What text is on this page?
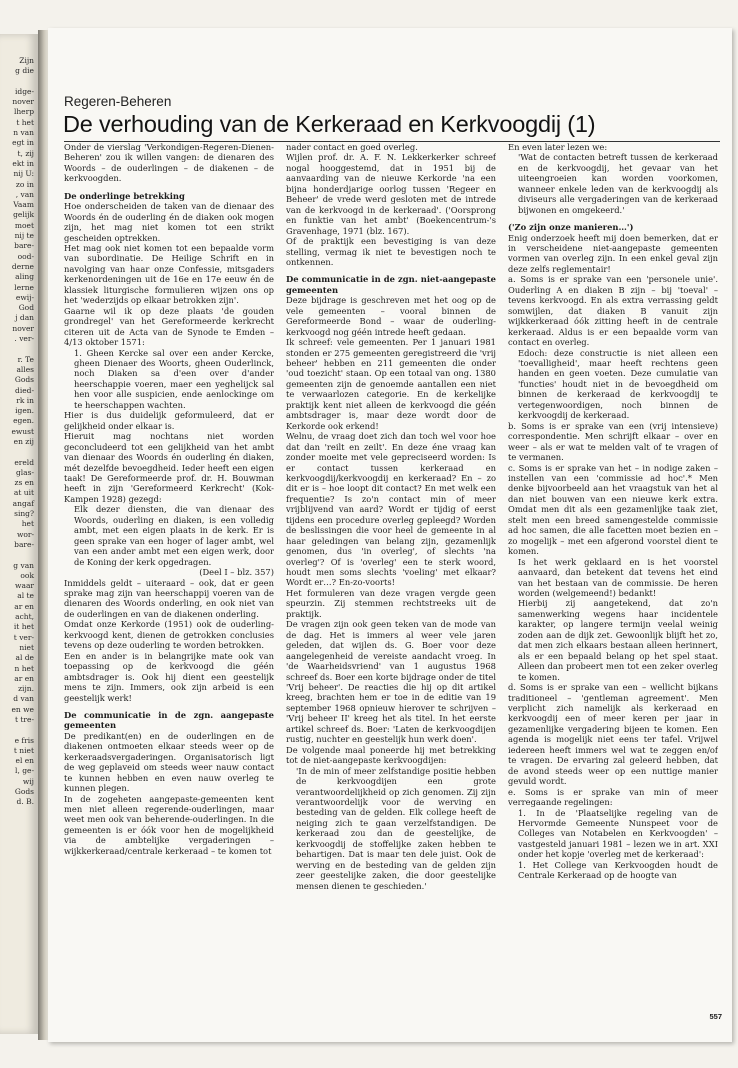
Zijn
g die

idge-
nover
lherp
t het
n van
egt in
t, zij
ekt in
nij U:
zo in
, van
Vaam
gelijk
moet
nij te
bare-
ood-
derne
aling
lerne
ewij-
God
j dan
nover
. ver-

r. Te
alles
Gods
died-
rk in
igen.
egen.
ewust
en zij

ereld
glas-
zs en
at uit
angaf
sing?
het
wor-
bare-

g van
ook
waar
al te
ar en
acht,
it het
t ver-
niet
al de
n het
ar en
zijn.
d van
en we
t tre-

e fris
t niet
el en
l, ge-
wij
Gods
d. B.
Regeren-Beheren
De verhouding van de Kerkeraad en Kerkvoogdij (1)

Onder de vierslag 'Verkondigen-Regeren-Dienen-Beheren' zou ik willen vangen: de dienaren des Woords – de ouderlingen – de diakenen – de kerkvoogden.

De onderlinge betrekking

Hoe onderscheiden de taken van de dienaar des Woords én de ouderling én de diaken ook mogen zijn, het mag niet komen tot een strikt gescheiden optrekken.

Het mag ook niet komen tot een bepaalde vorm van subordinatie. De Heilige Schrift en in navolging van haar onze Confessie, mitsgaders kerkenordeningen uit de 16e en 17e eeuw én de klassiek liturgische formulieren wijzen ons op het 'wederzijds op elkaar betrokken zijn'.

Gaarne wil ik op deze plaats 'de gouden grondregel' van het Gereformeerde kerkrecht citeren uit de Acta van de Synode te Emden – 4/13 oktober 1571:

1. Gheen Kercke sal over een ander Kercke, gheen Dienaer des Woorts, gheen Ouderlinck, noch Diaken sa d'een over d'ander heerschappie voeren, maer een yeghelijck sal hen voor alle suspicien, ende aenlockinge om te heerschappen wachten.

Hier is dus duidelijk geformuleerd, dat er gelijkheid onder elkaar is.

Hieruit mag nochtans niet worden geconcludeerd tot een gelijkheid van het ambt van dienaar des Woords én ouderling én diaken, mét dezelfde bevoegdheid. Ieder heeft een eigen taak! De Gereformeerde prof. dr. H. Bouwman heeft in zijn 'Gereformeerd Kerkrecht' (Kok-Kampen 1928) gezegd:

Elk dezer diensten, die van dienaar des Woords, ouderling en diaken, is een volledig ambt, met een eigen plaats in de kerk. Er is geen sprake van een hoger of lager ambt, wel van een ander ambt met een eigen werk, door de Koning der kerk opgedragen.

(Deel I – blz. 357)

Inmiddels geldt – uiteraard – ook, dat er geen sprake mag zijn van heerschappij voeren van de dienaren des Woords onderling, en ook niet van de ouderlingen en van de diakenen onderling.

Omdat onze Kerkorde (1951) ook de ouderling-kerkvoogd kent, dienen de getrokken conclusies tevens op deze ouderling te worden betrokken.

Een en ander is in belangrijke mate ook van toepassing op de kerkvoogd die géén ambtsdrager is. Ook hij dient een geestelijk mens te zijn. Immers, ook zijn arbeid is een geestelijk werk!

De communicatie in de zgn. aangepaste gemeenten

De predikant(en) en de ouderlingen en de diakenen ontmoeten elkaar steeds weer op de kerkeraadsvergaderingen. Organisatorisch ligt de weg geplaveid om steeds weer nauw contact te kunnen hebben en even nauw overleg te kunnen plegen.

In de zogeheten aangepaste-gemeenten kent men niet alleen regerende-ouderlingen, maar weet men ook van beherende-ouderlingen. In die gemeenten is er óók voor hen de mogelijkheid via de ambtelijke vergaderingen – wijkkerkeraad/centrale kerkeraad – te komen tot

nader contact en goed overleg.

Wijlen prof. dr. A. F. N. Lekkerkerker schreef nogal hooggestemd, dat in 1951 bij de aanvaarding van de nieuwe Kerkorde 'na een bijna honderdjarige oorlog tussen 'Regeer en Beheer' de vrede werd gesloten met de intrede van de kerkvoogd in de kerkeraad'. ('Oorsprong en funktie van het ambt' (Boekencentrum-'s Gravenhage, 1971 (blz. 167).

Of de praktijk een bevestiging is van deze stelling, vermag ik niet te bevestigen noch te ontkennen.

De communicatie in de zgn. niet-aangepaste gemeenten

Deze bijdrage is geschreven met het oog op de vele gemeenten – vooral binnen de Gereformeerde Bond – waar de ouderling-kerkvoogd nog géén intrede heeft gedaan.

Ik schreef: vele gemeenten. Per 1 januari 1981 stonden er 275 gemeenten geregistreerd die 'vrij beheer' hebben en 211 gemeenten die onder 'oud toezicht' staan. Op een totaal van ong. 1380 gemeenten zijn de genoemde aantallen een niet te verwaarlozen categorie. En de kerkelijke praktijk kent niet alleen de kerkvoogd die géén ambtsdrager is, maar deze wordt door de Kerkorde ook erkend!

Welnu, de vraag doet zich dan toch wel voor hoe dat dan 'reilt en zeilt'. En deze éne vraag kan zonder moeite met vele gepreciseerd worden: Is er contact tussen kerkeraad en kerkvoogdij/kerkvoogdij en kerkeraad? En – zo dit er is – hoe loopt dit contact? En met welk een frequentie? Is zo'n contact min of meer vrijblijvend van aard? Wordt er tijdig of eerst tijdens een procedure overleg gepleegd? Worden de beslissingen die voor heel de gemeente in al haar geledingen van belang zijn, gezamenlijk genomen, dus 'in overleg', of slechts 'na overleg'? Of is 'overleg' een te sterk woord, houdt men soms slechts 'voeling' met elkaar? Wordt er…? En-zo-voorts!

Het formuleren van deze vragen vergde geen speurzin. Zij stemmen rechtstreeks uit de praktijk.

De vragen zijn ook geen teken van de mode van de dag. Het is immers al weer vele jaren geleden, dat wijlen ds. G. Boer voor deze aangelegenheid de vereiste aandacht vroeg. In 'de Waarheidsvriend' van 1 augustus 1968 schreef ds. Boer een korte bijdrage onder de titel 'Vrij beheer'. De reacties die hij op dit artikel kreeg, brachten hem er toe in de editie van 19 september 1968 opnieuw hierover te schrijven – 'Vrij beheer II' kreeg het als titel. In het eerste artikel schreef ds. Boer: 'Laten de kerkvoogdijen rustig, nuchter en geestelijk hun werk doen'.

De volgende maal poneerde hij met betrekking tot de niet-aangepaste kerkvoogdijen:

'In de min of meer zelfstandige positie hebben de kerkvoogdijen een grote verantwoordelijkheid op zich genomen. Zij zijn verantwoordelijk voor de werving en besteding van de gelden. Elk college heeft de neiging zich te gaan verzelfstandigen. De kerkeraad zou dan de geestelijke, de kerkvoogdij de stoffelijke zaken hebben te behartigen. Dat is maar ten dele juist. Ook de werving en de besteding van de gelden zijn zeer geestelijke zaken, die door geestelijke mensen dienen te geschieden.'

En even later lezen we:

'Wat de contacten betreft tussen de kerkeraad en de kerkvoogdij, het gevaar van het uiteengroeien kan worden voorkomen, wanneer enkele leden van de kerkvoogdij als diviseurs alle vergaderingen van de kerkeraad bijwonen en omgekeerd.'

('Zo zijn onze manieren…')

Enig onderzoek heeft mij doen bemerken, dat er in verscheidene niet-aangepaste gemeenten vormen van overleg zijn. In een enkel geval zijn deze zelfs reglementair!

a. Soms is er sprake van een 'personele unie'. Ouderling A en diaken B zijn – bij 'toeval' – tevens kerkvoogd. En als extra verrassing geldt somwijlen, dat diaken B vanuit zijn wijkkerkeraad óók zitting heeft in de centrale kerkeraad. Aldus is er een bepaalde vorm van contact en overleg.

Edoch: deze constructie is niet alleen een 'toevalligheid', maar heeft rechtens geen handen en geen voeten. Deze cumulatie van 'functies' houdt niet in de bevoegdheid om binnen de kerkeraad de kerkvoogdij te vertegenwoordigen, noch binnen de kerkvoogdij de kerkeraad.

b. Soms is er sprake van een (vrij intensieve) correspondentie. Men schrijft elkaar – over en weer – als er wat te melden valt of te vragen of te vermanen.

c. Soms is er sprake van het – in nodige zaken – instellen van een 'commissie ad hoc'.* Men denke bijvoorbeeld aan het vraagstuk van het al dan niet bouwen van een nieuwe kerk extra. Omdat men dit als een gezamenlijke taak ziet, stelt men een breed samengestelde commissie ad hoc samen, die alle facetten moet bezien en – zo mogelijk – met een afgerond voorstel dient te komen.

Is het werk geklaard en is het voorstel aanvaard, dan betekent dat tevens het eind van het bestaan van de commissie. De heren worden (welgemeend!) bedankt!

Hierbij zij aangetekend, dat zo'n samenwerking wegens haar incidentele karakter, op langere termijn veelal weinig zoden aan de dijk zet. Gewoonlijk blijft het zo, dat men zich elkaars bestaan alleen herinnert, als er een bepaald belang op het spel staat. Alleen dan probeert men tot een zeker overleg te komen.

d. Soms is er sprake van een – wellicht bijkans traditioneel – 'gentleman agreement'. Men verplicht zich namelijk als kerkeraad en kerkvoogdij een of meer keren per jaar in gezamenlijke vergadering bijeen te komen. Een agenda is mogelijk niet eens ter tafel. Vrijwel iedereen heeft immers wel wat te zeggen en/of te vragen. De ervaring zal geleerd hebben, dat de avond steeds weer op een nuttige manier gevuld wordt.

e. Soms is er sprake van min of meer verregaande regelingen:

1. In de 'Plaatselijke regeling van de Hervormde Gemeente Nunspeet voor de Colleges van Notabelen en Kerkvoogden' – vastgesteld januari 1981 – lezen we in art. XXI onder het kopje 'overleg met de kerkeraad':

1. Het College van Kerkvoogden houdt de Centrale Kerkeraad op de hoogte van

557
